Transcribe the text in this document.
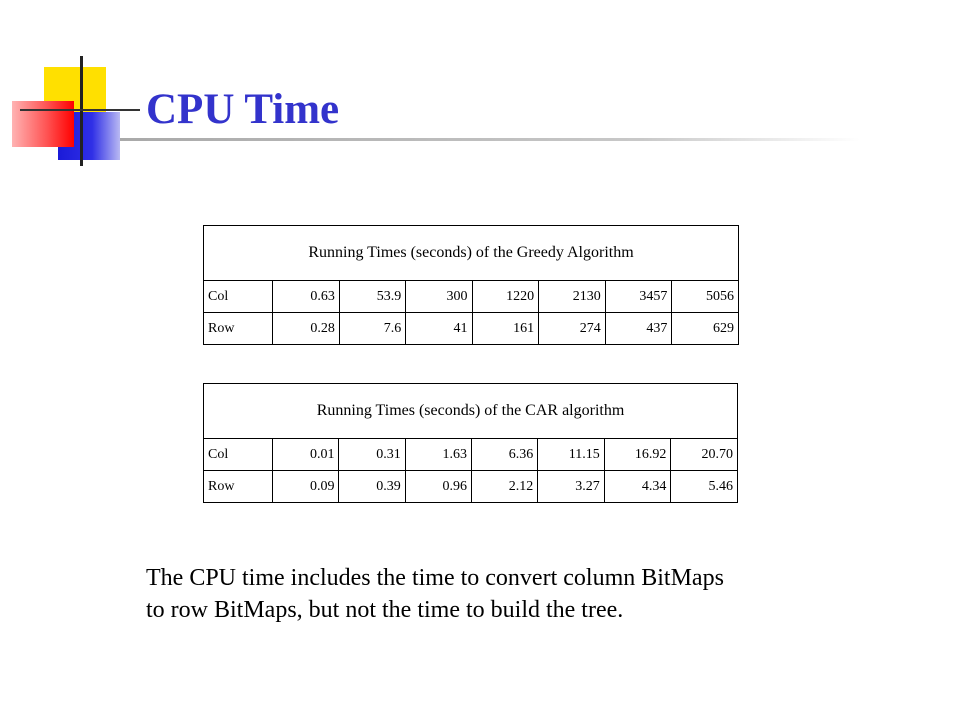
CPU Time
Running Times (seconds) of the Greedy Algorithm							
Col	0.63	53.9	300	1220	2130	3457	5056
Row	0.28	7.6	41	161	274	437	629
Running Times (seconds) of the CAR algorithm							
Col	0.01	0.31	1.63	6.36	11.15	16.92	20.70
Row	0.09	0.39	0.96	2.12	3.27	4.34	5.46
The CPU time includes the time to convert column BitMaps
to row BitMaps, but not the time to build the tree.
